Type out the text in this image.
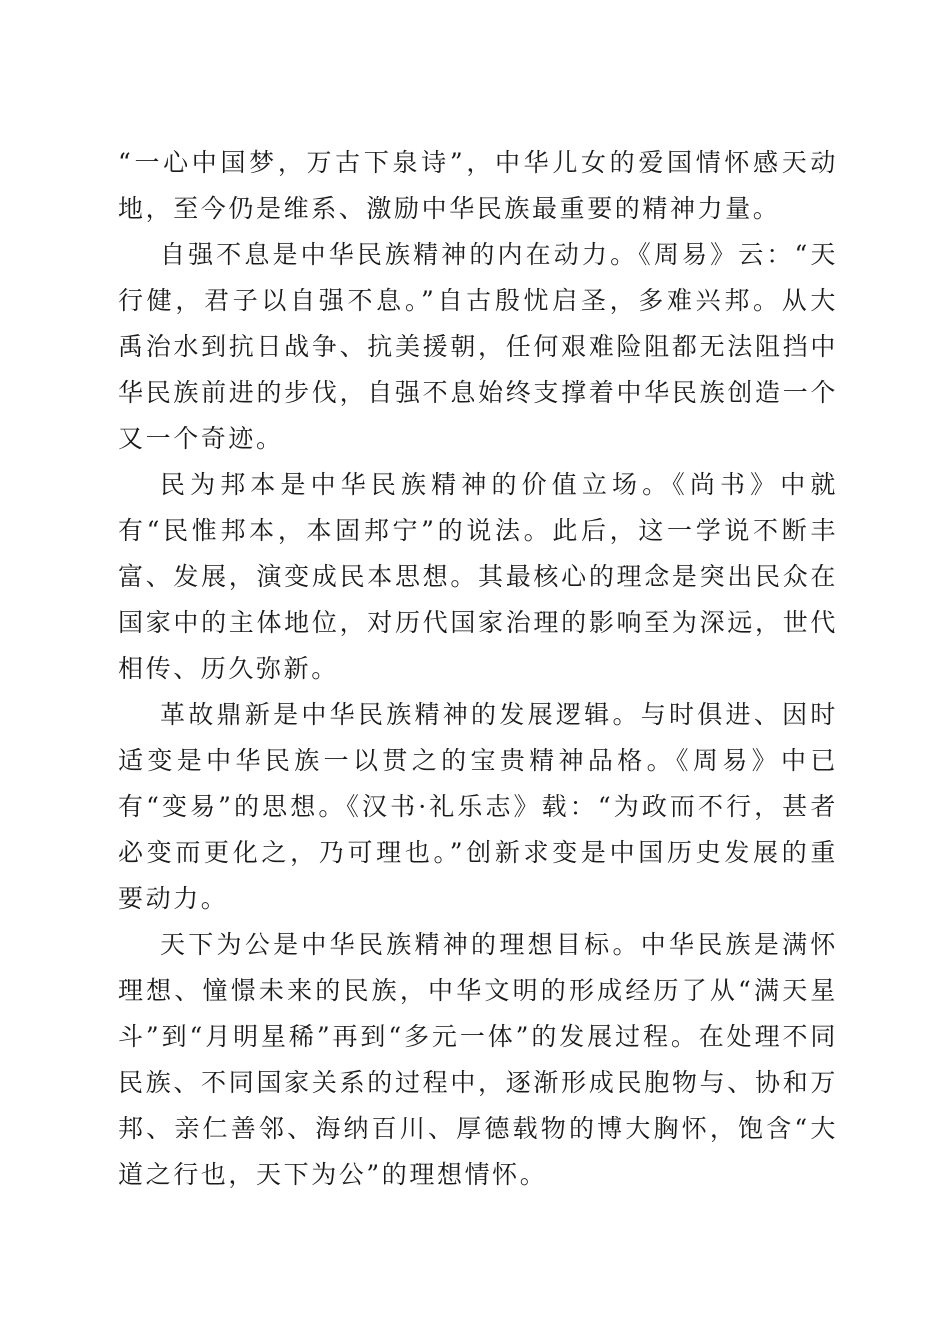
“一心中国梦，万古下泉诗”，中华儿女的爱国情怀感天动地，至今仍是维系、激励中华民族最重要的精神力量。

自强不息是中华民族精神的内在动力。《周易》云：“天行健，君子以自强不息。”自古殷忧启圣，多难兴邦。从大禹治水到抗日战争、抗美援朝，任何艰难险阻都无法阻挡中华民族前进的步伐，自强不息始终支撑着中华民族创造一个又一个奇迹。

民为邦本是中华民族精神的价值立场。《尚书》中就有“民惟邦本，本固邦宁”的说法。此后，这一学说不断丰富、发展，演变成民本思想。其最核心的理念是突出民众在国家中的主体地位，对历代国家治理的影响至为深远，世代相传、历久弥新。

革故鼎新是中华民族精神的发展逻辑。与时俱进、因时适变是中华民族一以贯之的宝贵精神品格。《周易》中已有“变易”的思想。《汉书·礼乐志》载：“为政而不行，甚者必变而更化之，乃可理也。”创新求变是中国历史发展的重要动力。

天下为公是中华民族精神的理想目标。中华民族是满怀理想、憧憬未来的民族，中华文明的形成经历了从“满天星斗”到“月明星稀”再到“多元一体”的发展过程。在处理不同民族、不同国家关系的过程中，逐渐形成民胞物与、协和万邦、亲仁善邻、海纳百川、厚德载物的博大胸怀，饱含“大道之行也，天下为公”的理想情怀。
